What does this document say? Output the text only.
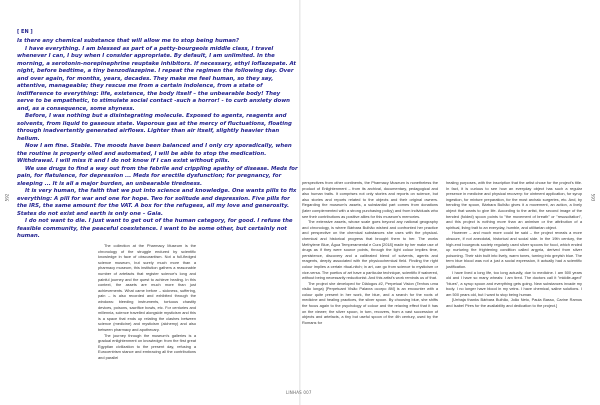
592	593
[ EN ]

Is there any chemical substance that will allow me to stop being human?

I have everything. I am blessed as part of a petty-bourgeois middle class, I travel whenever I can, I buy when I consider appropriate. By default, I am unlimited. In the morning, a serotonin-norepinephrine reuptake inhibitors. If necessary, ethyl loflazepate. At night, before bedtime, a tiny benzodiazepine. I repeat the regimen the following day. Over and over again, for months, years, decades. They make me feel human, so they say, attentive, manageable; they rescue me from a certain indolence, from a state of indifference to everything: life, existence, the body itself – the unbearable body! They serve to be empathetic, to stimulate social contact -such a horror! - to curb anxiety down and, as a consequence, some shyness.

Before, I was nothing but a disintegrating molecule. Exposed to agents, reagents and solvents, from liquid to gaseous state. Vaporous gas at the mercy of fluctuations, floating through inadvertently generated airflows. Lighter than air itself, slightly heavier than helium.

Now I am fine. Stable. The moods have been balanced and I only cry sporadically, when the routine is properly oiled and automated, I will be able to stop the medication. Withdrawal. I will miss it and I do not know if I can exist without pills.

We use drugs to find a way out from the febrile and crippling apathy of disease. Meds for pain, for flatulence, for depression ... Meds for erectile dysfunction; for pregnancy, for sleeping ... It is all a major burden, an unbearable tiredness.

It is very human, the faith that we put into science and knowledge. One wants pills to fix everything: A pill for war and one for hope. Two for solitude and depression. Five pills for the IRS, the same amount for the VAT. A box for the refugees, all my love and generosity. States do not exist and earth is only one – Gaia.

I do not want to die. I just want to get out of the human category, for good. I refuse the feasible community, the peaceful coexistence. I want to be some other, but certainly not human.

The collection at the Pharmacy Museum is the chronology of the struggle endured by scientific knowledge in face of obscurantism. Not a full-fledged science museum, but surely much more than a pharmacy museum, this institution gathers a reasonable number of artefacts that register science's long and painful journey and the quest to achieve healing. In this context, the assets are much more than just achievements. What came before – sickness, suffering, pain – is also recorded and exhibited through the windows: bleeding instruments, tortuous chastity devices, poisons, sacrifice bowls, etc. For centuries and millennia, science travelled alongside mysticism and this is a space that ends up relating the clashes between science (medicine) and mysticism (alchemy) and also between pharmacy and apothecary.

The journey through the museum's galleries is a gradual enlightenment on knowledge: from the first great Egyptian civilization to the present day, refusing a Eurocentrism stance and embracing all the contributions and parallel

perspectives from other continents, the Pharmacy Museum is nonetheless the product of Enlightenment – from its archival, documentary, pedagogical and also human traits. It comprises not only stories and reports on science, but also stories and reports related to the objects and their original owners. Regarding the museum's assets, a substantial part comes from donations (later complemented with a strong purchasing policy) and from individuals who see their contributions as positive allies for this museum's memories.

The extensive assets, whose scale goes beyond any national geography and chronology, is where Bárbara Bulhão wished and confronted her practice and perspective on the chemical substances she uses with the physical-chemical and historical progress that brought them to her. The works Methylene Blue, Água Temperamental e Cura [2018] made by her make use of drugs as if they were source points, through the light colour implies time, persistence, discovery and a calibrated blend of solvents, agents and reagents, deeply associated with the physicochemical field. Finding the right colour implies a certain ritual-nitch; in art, can go from science to mysticism or vice-versa. The poetics of art have a particular technique, scientific if waivered, without being necessarily reductionist. And this artist's work reminds us of that.

The project she developed for Diálogos #2, Perpetual Vision (Tenhos uma visão longa) [Perpetuant Visão Palavra ocorpo 8M] is an encounter with a colour quite present in her work, the blue, and a search for the roots of medicine and healing practices, the silver spoon. By choosing blue, she shifts the focus again to the psychology of colour and the relaxing effect that it has on the viewer; the silver spoon, in turn, recovers, from a vast succession of objects and artefacts, a tiny but useful spoon of the 4th century, used by the Romans for

healing purposes, with the inscription that the artist chose for the project's title. In fact, it is curious to see how an everyday object has such a regular presence in medicine and physical recovery: for ointment application, for syrup ingestion, for mixture preparation, for the most archaic surgeries, etc. And, by bending the spoon, Bárbara Bulhão gives it a movement, an action, a lively object that wants to give life. According to the artist, the second image of the bended (folded) spoon points to "the movement of breath" or "resuscitation", and this project is nothing more than an animism or the attribution of a spiritual, living trait to an everyday, humble, and utilitarian object.

However – and much more could be said – the project reveals a more obscure, if not anecdotal, historical and social side. In the 19th century, the high-end bourgeois society regularly used silver spoons for food, which ended up nurturing the frightening condition called argyria, derived from silver poisoning. Their skin built into lively, warm tones, turning into greyish blue. The term blue blood was not a just a social expression, it actually had a scientific justification.

I have lived a long life, too long actually, due to medicine. I am 500 years old and I have so many wheals: I am tired. The doctors call it "middle-aged" "blues", a syrup spoon and everything gets going. New substances invade my body. I no longer have blood in my veins. I have chemical, saline solutions. I am 500 years old, but I want to stop being human.

[Urrbaja thanks Bárbara Bulhão, João Neto, Paula Basso, Carine Ramos and Isabel Pires for the availability and dedication to the project.]

LINHAS 007
